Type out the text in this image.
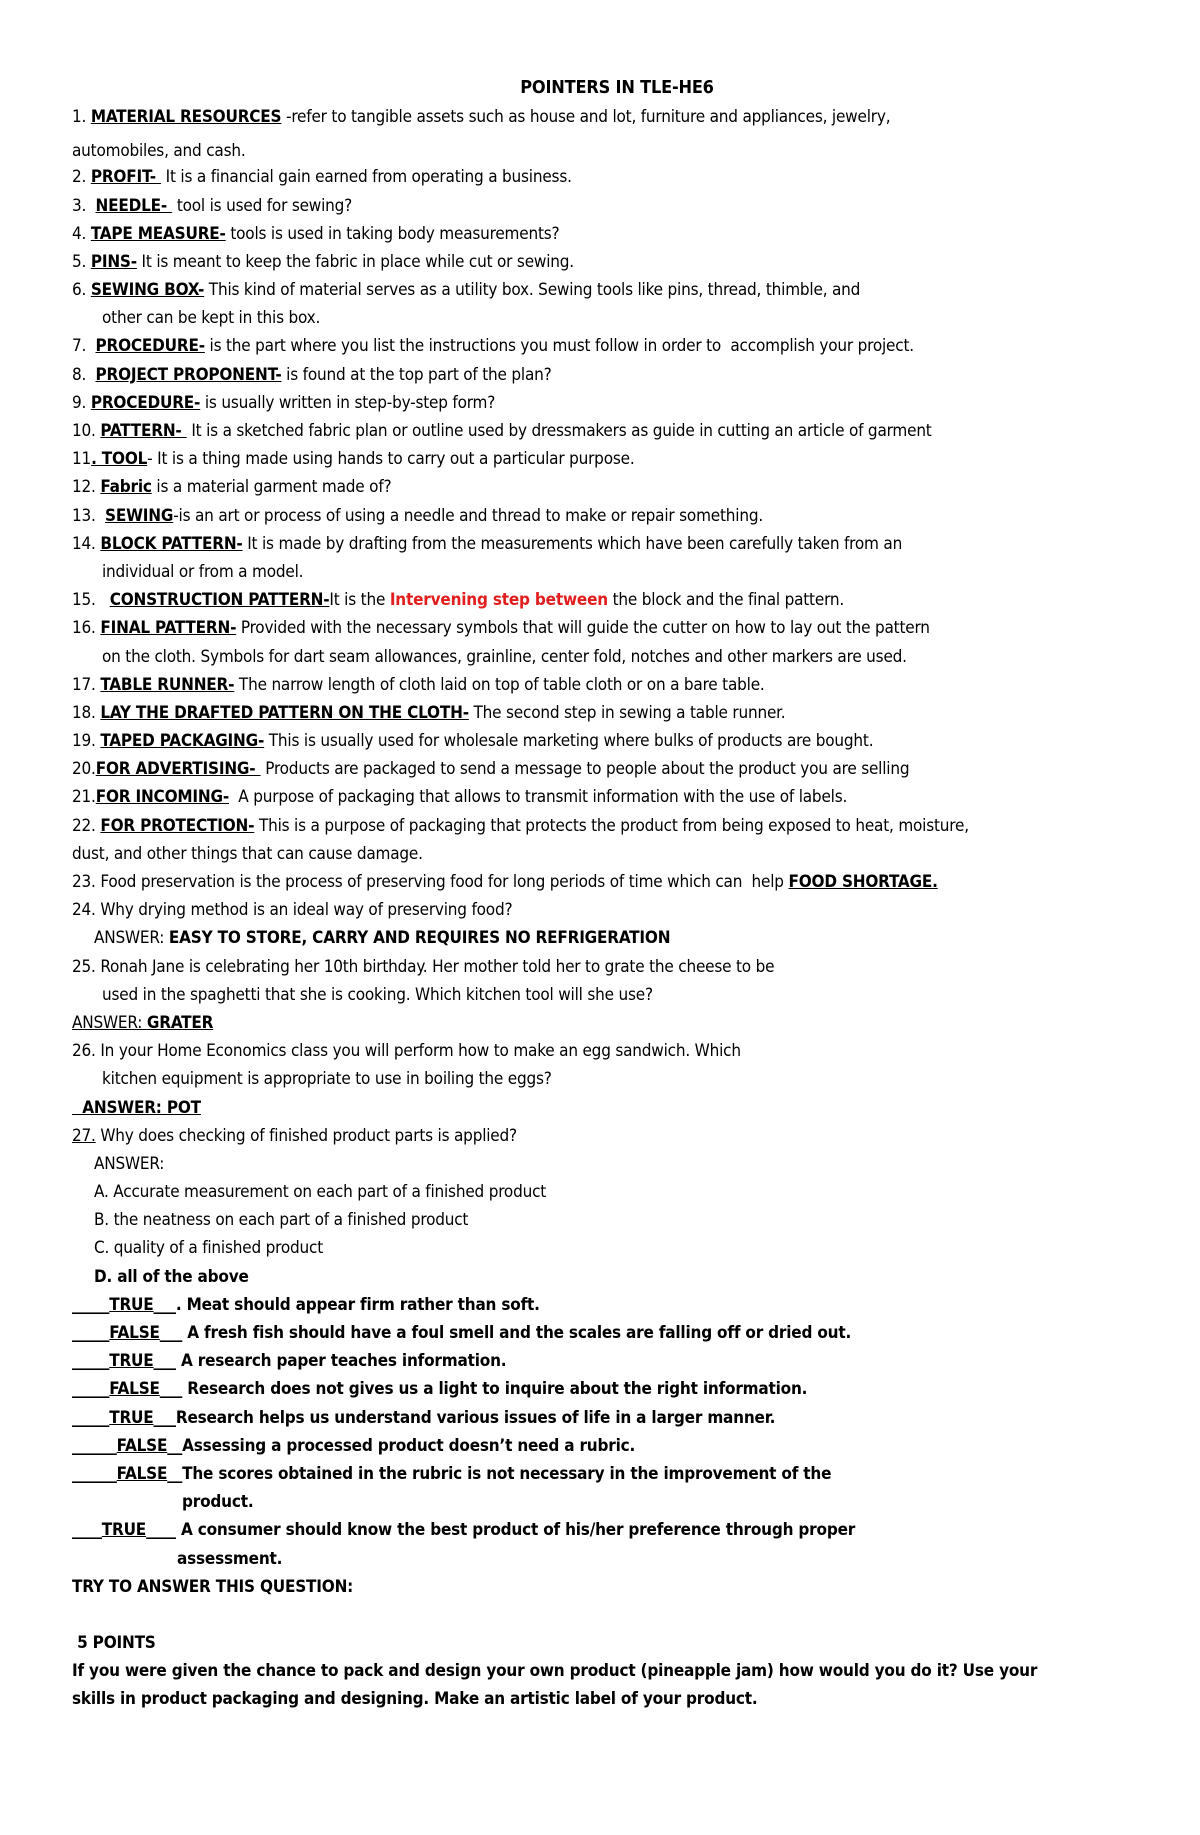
POINTERS IN TLE-HE6
1. MATERIAL RESOURCES -refer to tangible assets such as house and lot, furniture and appliances, jewelry,
automobiles, and cash.
2. PROFIT-  It is a financial gain earned from operating a business.
3.  NEEDLE-  tool is used for sewing?
4. TAPE MEASURE- tools is used in taking body measurements?
5. PINS- It is meant to keep the fabric in place while cut or sewing.
6. SEWING BOX- This kind of material serves as a utility box. Sewing tools like pins, thread, thimble, and
other can be kept in this box.
7.  PROCEDURE- is the part where you list the instructions you must follow in order to  accomplish your project.
8.  PROJECT PROPONENT- is found at the top part of the plan?
9. PROCEDURE- is usually written in step-by-step form?
10. PATTERN-  It is a sketched fabric plan or outline used by dressmakers as guide in cutting an article of garment
11. TOOL- It is a thing made using hands to carry out a particular purpose.
12. Fabric is a material garment made of?
13.  SEWING-is an art or process of using a needle and thread to make or repair something.
14. BLOCK PATTERN- It is made by drafting from the measurements which have been carefully taken from an
individual or from a model.
15.   CONSTRUCTION PATTERN-It is the Intervening step between the block and the final pattern.
16. FINAL PATTERN- Provided with the necessary symbols that will guide the cutter on how to lay out the pattern
on the cloth. Symbols for dart seam allowances, grainline, center fold, notches and other markers are used.
17. TABLE RUNNER- The narrow length of cloth laid on top of table cloth or on a bare table.
18. LAY THE DRAFTED PATTERN ON THE CLOTH- The second step in sewing a table runner.
19. TAPED PACKAGING- This is usually used for wholesale marketing where bulks of products are bought.
20.FOR ADVERTISING-  Products are packaged to send a message to people about the product you are selling
21.FOR INCOMING-  A purpose of packaging that allows to transmit information with the use of labels.
22. FOR PROTECTION- This is a purpose of packaging that protects the product from being exposed to heat, moisture,
dust, and other things that can cause damage.
23. Food preservation is the process of preserving food for long periods of time which can  help FOOD SHORTAGE.
24. Why drying method is an ideal way of preserving food?
ANSWER: EASY TO STORE, CARRY AND REQUIRES NO REFRIGERATION
25. Ronah Jane is celebrating her 10th birthday. Her mother told her to grate the cheese to be
used in the spaghetti that she is cooking. Which kitchen tool will she use?
ANSWER: GRATER
26. In your Home Economics class you will perform how to make an egg sandwich. Which
kitchen equipment is appropriate to use in boiling the eggs?
ANSWER: POT
27. Why does checking of finished product parts is applied?
ANSWER:
A. Accurate measurement on each part of a finished product
B. the neatness on each part of a finished product
C. quality of a finished product
D. all of the above
_____TRUE___. Meat should appear firm rather than soft.
_____FALSE___ A fresh fish should have a foul smell and the scales are falling off or dried out.
_____TRUE___ A research paper teaches information.
_____FALSE___ Research does not gives us a light to inquire about the right information.
_____TRUE___Research helps us understand various issues of life in a larger manner.
______FALSE__Assessing a processed product doesn’t need a rubric.
______FALSE__The scores obtained in the rubric is not necessary in the improvement of the
product.
____TRUE____ A consumer should know the best product of his/her preference through proper
assessment.
TRY TO ANSWER THIS QUESTION:
5 POINTS
If you were given the chance to pack and design your own product (pineapple jam) how would you do it? Use your
skills in product packaging and designing. Make an artistic label of your product.
